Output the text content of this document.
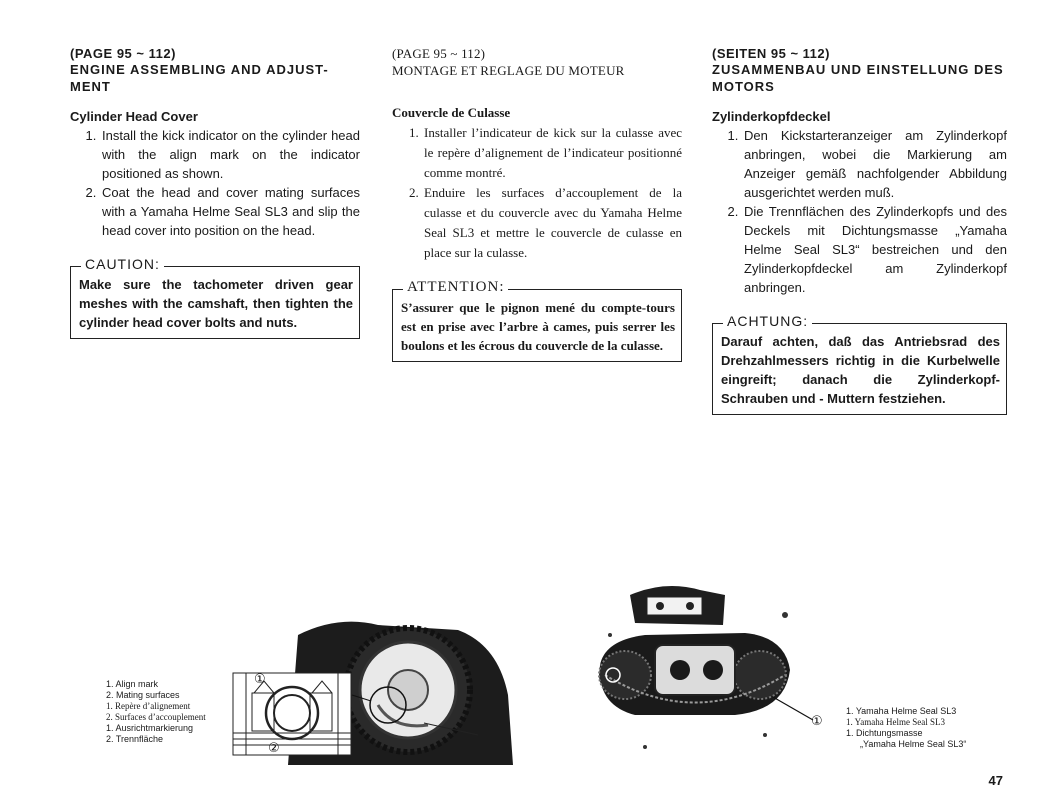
(PAGE 95 ~ 112)
ENGINE ASSEMBLING AND ADJUST-MENT
Cylinder Head Cover
1. Install the kick indicator on the cylinder head with the align mark on the indicator positioned as shown.
2. Coat the head and cover mating surfaces with a Yamaha Helme Seal SL3 and slip the head cover into position on the head.
CAUTION:
Make sure the tachometer driven gear meshes with the camshaft, then tighten the cylinder head cover bolts and nuts.
(PAGE 95 ~ 112)
MONTAGE ET REGLAGE DU MOTEUR
Couvercle de Culasse
1. Installer l’indicateur de kick sur la culasse avec le repère d’alignement de l’indicateur positionné comme montré.
2. Enduire les surfaces d’accouplement de la culasse et du couvercle avec du Yamaha Helme Seal SL3 et mettre le couvercle de culasse en place sur la culasse.
ATTENTION:
S’assurer que le pignon mené du compte-tours est en prise avec l’arbre à cames, puis serrer les boulons et les écrous du couvercle de la culasse.
(SEITEN 95 ~ 112)
ZUSAMMENBAU UND EINSTELLUNG DES MOTORS
Zylinderkopfdeckel
1. Den Kickstarteranzeiger am Zylinderkopf anbringen, wobei die Markierung am Anzeiger gemäß nachfolgender Abbildung ausgerichtet werden muß.
2. Die Trennflächen des Zylinderkopfs und des Deckels mit Dichtungsmasse „Yamaha Helme Seal SL3“ bestreichen und den Zylinderkopfdeckel am Zylinderkopf anbringen.
ACHTUNG:
Darauf achten, daß das Antriebsrad des Drehzahlmessers richtig in die Kurbelwelle eingreift; danach die Zylinderkopf-Schrauben und - Muttern festziehen.
①
②
1. Align mark
2. Mating surfaces
1. Repère d’alignement
2. Surfaces d’accouplement
1. Ausrichtmarkierung
2. Trennfläche
①
1. Yamaha Helme Seal SL3
1. Yamaha Helme Seal SL3
1. Dichtungsmasse
„Yamaha Helme Seal SL3“
47
